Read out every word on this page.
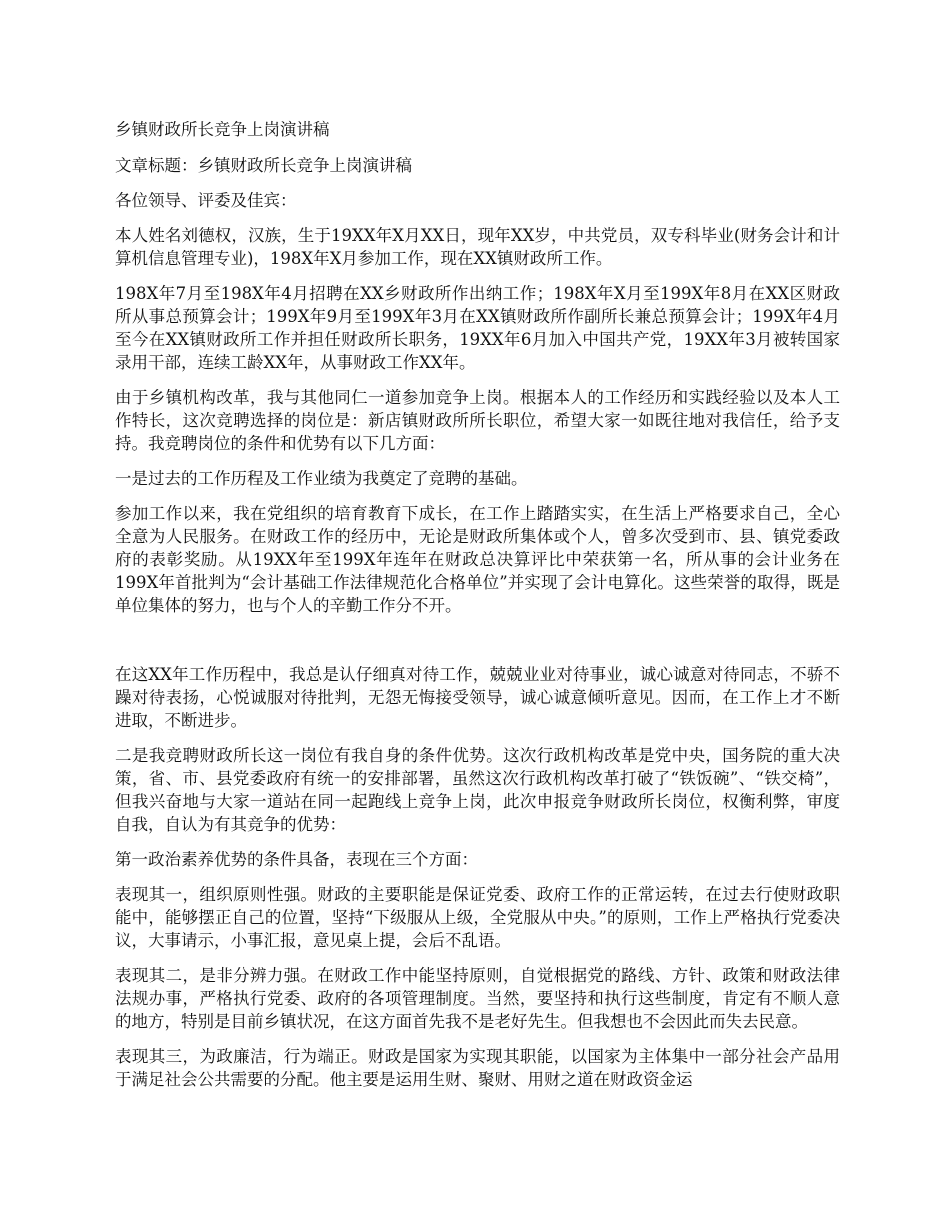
乡镇财政所长竞争上岗演讲稿

文章标题：乡镇财政所长竞争上岗演讲稿

各位领导、评委及佳宾：

本人姓名刘德权，汉族，生于19XX年X月XX日，现年XX岁，中共党员，双专科毕业(财务会计和计算机信息管理专业)，198X年X月参加工作，现在XX镇财政所工作。

198X年7月至198X年4月招聘在XX乡财政所作出纳工作；198X年X月至199X年8月在XX区财政所从事总预算会计；199X年9月至199X年3月在XX镇财政所作副所长兼总预算会计；199X年4月至今在XX镇财政所工作并担任财政所长职务，19XX年6月加入中国共产党，19XX年3月被转国家录用干部，连续工龄XX年，从事财政工作XX年。

由于乡镇机构改革，我与其他同仁一道参加竞争上岗。根据本人的工作经历和实践经验以及本人工作特长，这次竞聘选择的岗位是：新店镇财政所所长职位，希望大家一如既往地对我信任，给予支持。我竞聘岗位的条件和优势有以下几方面：

一是过去的工作历程及工作业绩为我奠定了竞聘的基础。

参加工作以来，我在党组织的培育教育下成长，在工作上踏踏实实，在生活上严格要求自己，全心全意为人民服务。在财政工作的经历中，无论是财政所集体或个人，曾多次受到市、县、镇党委政府的表彰奖励。从19XX年至199X年连年在财政总决算评比中荣获第一名，所从事的会计业务在199X年首批判为“会计基础工作法律规范化合格单位”并实现了会计电算化。这些荣誉的取得，既是单位集体的努力，也与个人的辛勤工作分不开。

在这XX年工作历程中，我总是认仔细真对待工作，兢兢业业对待事业，诚心诚意对待同志，不骄不躁对待表扬，心悦诚服对待批判，无怨无悔接受领导，诚心诚意倾听意见。因而，在工作上才不断进取，不断进步。

二是我竞聘财政所长这一岗位有我自身的条件优势。这次行政机构改革是党中央，国务院的重大决策，省、市、县党委政府有统一的安排部署，虽然这次行政机构改革打破了“铁饭碗”、“铁交椅”，但我兴奋地与大家一道站在同一起跑线上竞争上岗，此次申报竞争财政所长岗位，权衡利弊，审度自我，自认为有其竞争的优势：

第一政治素养优势的条件具备，表现在三个方面：

表现其一，组织原则性强。财政的主要职能是保证党委、政府工作的正常运转，在过去行使财政职能中，能够摆正自己的位置，坚持“下级服从上级，全党服从中央。”的原则，工作上严格执行党委决议，大事请示，小事汇报，意见桌上提，会后不乱语。

表现其二，是非分辨力强。在财政工作中能坚持原则，自觉根据党的路线、方针、政策和财政法律法规办事，严格执行党委、政府的各项管理制度。当然，要坚持和执行这些制度，肯定有不顺人意的地方，特别是目前乡镇状况，在这方面首先我不是老好先生。但我想也不会因此而失去民意。

表现其三，为政廉洁，行为端正。财政是国家为实现其职能，以国家为主体集中一部分社会产品用于满足社会公共需要的分配。他主要是运用生财、聚财、用财之道在财政资金运
